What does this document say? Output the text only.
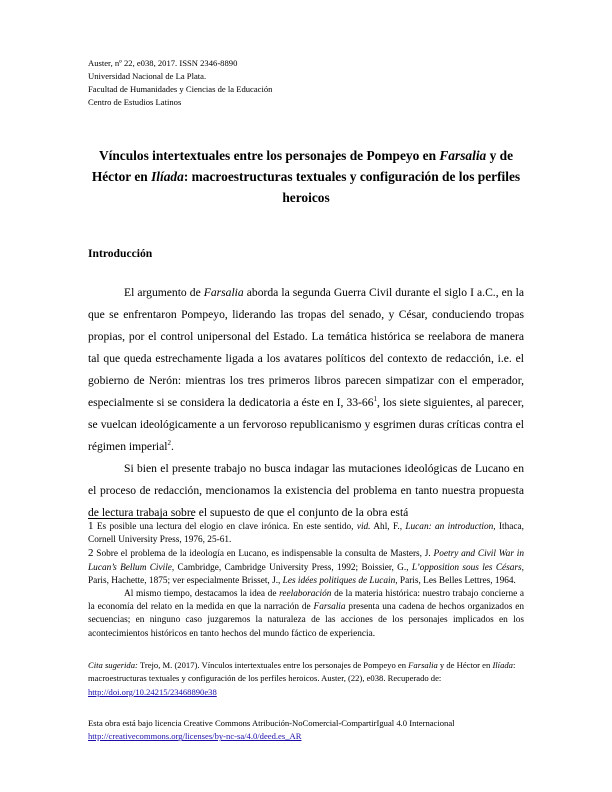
Auster, nº 22, e038, 2017. ISSN 2346-8890
Universidad Nacional de La Plata.
Facultad de Humanidades y Ciencias de la Educación
Centro de Estudios Latinos
Vínculos intertextuales entre los personajes de Pompeyo en Farsalia y de Héctor en Ilíada: macroestructuras textuales y configuración de los perfiles heroicos
Introducción

El argumento de Farsalia aborda la segunda Guerra Civil durante el siglo I a.C., en la que se enfrentaron Pompeyo, liderando las tropas del senado, y César, conduciendo tropas propias, por el control unipersonal del Estado. La temática histórica se reelabora de manera tal que queda estrechamente ligada a los avatares políticos del contexto de redacción, i.e. el gobierno de Nerón: mientras los tres primeros libros parecen simpatizar con el emperador, especialmente si se considera la dedicatoria a éste en I, $33-66^1$, los siete siguientes, al parecer, se vuelcan ideológicamente a un fervoroso republicanismo y esgrimen duras críticas contra el régimen imperial$^2$.

Si bien el presente trabajo no busca indagar las mutaciones ideológicas de Lucano en el proceso de redacción, mencionamos la existencia del problema en tanto nuestra propuesta de lectura trabaja sobre el supuesto de que el conjunto de la obra está

1 Es posible una lectura del elogio en clave irónica. En este sentido, vid. Ahl, F., Lucan: an introduction, Ithaca, Cornell University Press, 1976, 25-61.

2 Sobre el problema de la ideología en Lucano, es indispensable la consulta de Masters, J. Poetry and Civil War in Lucan’s Bellum Civile, Cambridge, Cambridge University Press, 1992; Boissier, G., L’opposition sous les Césars, Paris, Hachette, 1875; ver especialmente Brisset, J., Les idées politiques de Lucain, Paris, Les Belles Lettres, 1964.

Al mismo tiempo, destacamos la idea de reelaboración de la materia histórica: nuestro trabajo concierne a la economía del relato en la medida en que la narración de Farsalia presenta una cadena de hechos organizados en secuencias; en ninguno caso juzgaremos la naturaleza de las acciones de los personajes implicados en los acontecimientos históricos en tanto hechos del mundo fáctico de experiencia.

Cita sugerida: Trejo, M. (2017). Vínculos intertextuales entre los personajes de Pompeyo en Farsalia y de Héctor en Ilíada: macroestructuras textuales y configuración de los perfiles heroicos. Auster, (22), e038. Recuperado de:
http://doi.org/10.24215/23468890e38
Esta obra está bajo licencia Creative Commons Atribución-NoComercial-CompartirIgual 4.0 Internacional
http://creativecommons.org/licenses/by-nc-sa/4.0/deed.es_AR
